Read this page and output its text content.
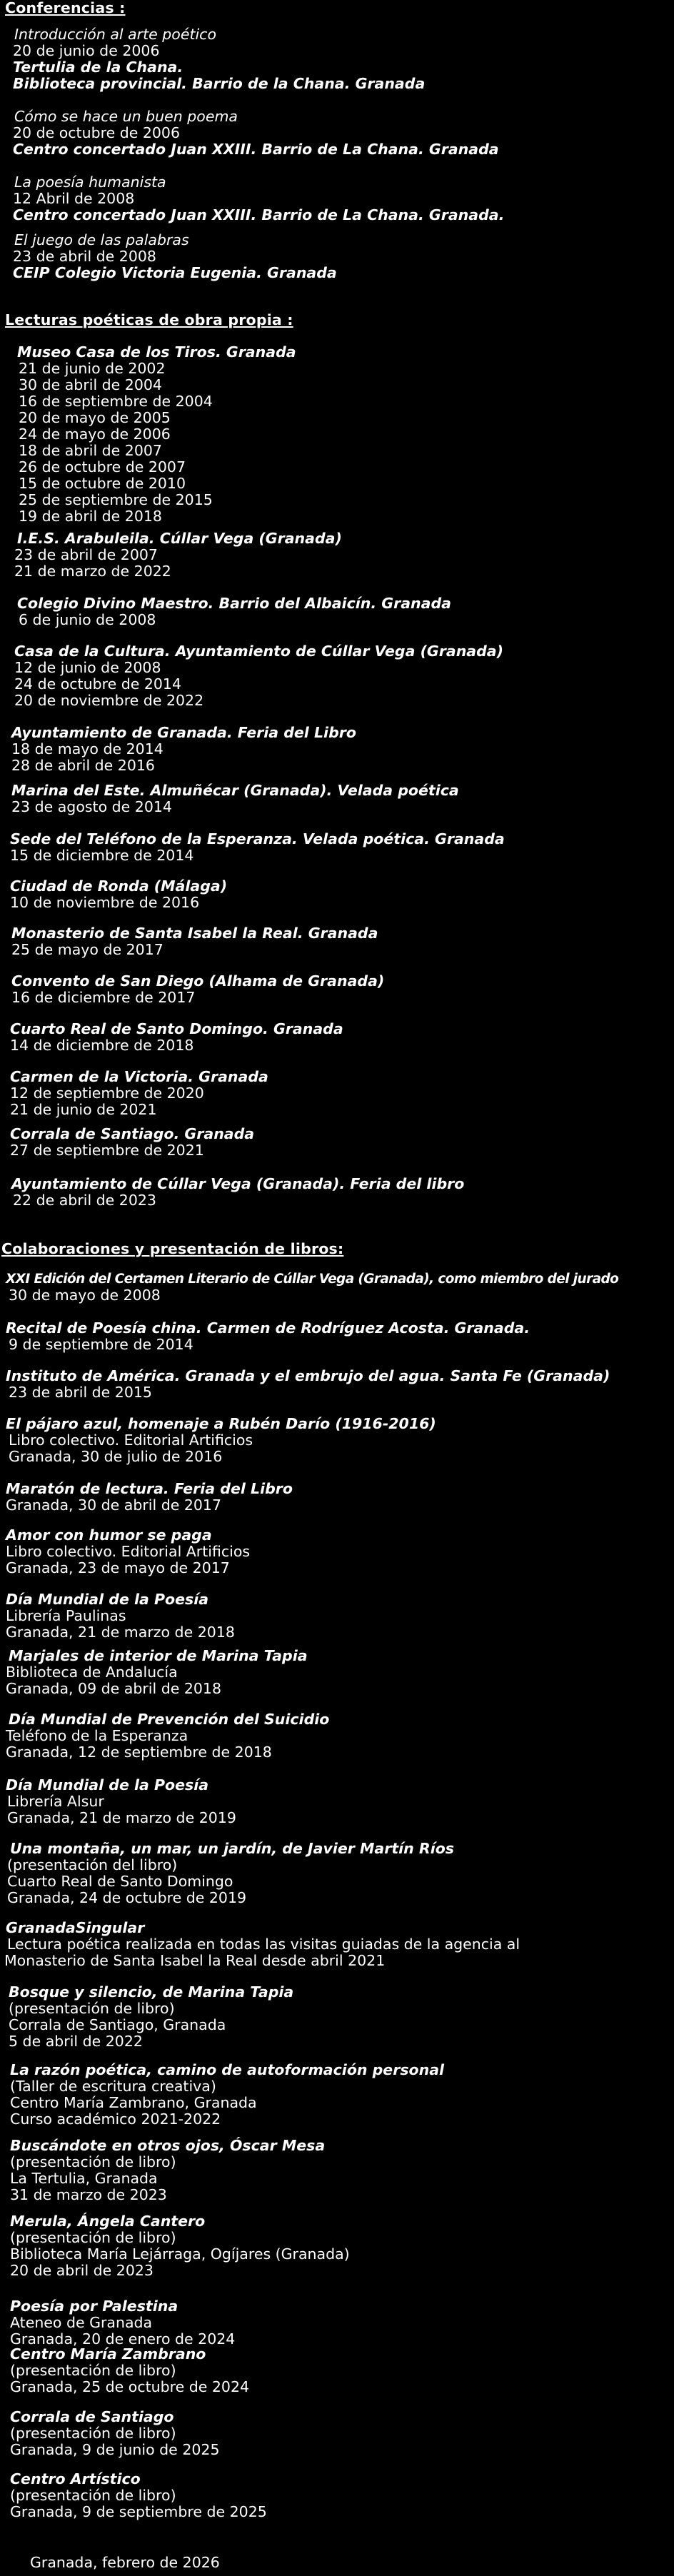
Conferencias :
Introducción al arte poético
20 de junio de 2006
Tertulia de la Chana.
Biblioteca provincial. Barrio de la Chana. Granada
Cómo se hace un buen poema
20 de octubre de 2006
Centro concertado Juan XXIII. Barrio de La Chana. Granada
La poesía humanista
12 Abril de 2008
Centro concertado Juan XXIII. Barrio de La Chana. Granada.
El juego de las palabras
23 de abril de 2008
CEIP Colegio Victoria Eugenia. Granada
Lecturas poéticas de obra propia :
Museo Casa de los Tiros. Granada
21 de junio de 2002
30 de abril de 2004
16 de septiembre de 2004
20 de mayo de 2005
24 de mayo de 2006
18 de abril de 2007
26 de octubre de 2007
15 de octubre de 2010
25 de septiembre de 2015
19 de abril de 2018
I.E.S. Arabuleila. Cúllar Vega (Granada)
23 de abril de 2007
21 de marzo de 2022
Colegio Divino Maestro. Barrio del Albaicín. Granada
6 de junio de 2008
Casa de la Cultura. Ayuntamiento de Cúllar Vega (Granada)
12 de junio de 2008
24 de octubre de 2014
20 de noviembre de 2022
Ayuntamiento de Granada. Feria del Libro
18 de mayo de 2014
28 de abril de 2016
Marina del Este. Almuñécar (Granada). Velada poética
23 de agosto de 2014
Sede del Teléfono de la Esperanza. Velada poética. Granada
15 de diciembre de 2014
Ciudad de Ronda (Málaga)
10 de noviembre de 2016
Monasterio de Santa Isabel la Real. Granada
25 de mayo de 2017
Convento de San Diego (Alhama de Granada)
16 de diciembre de 2017
Cuarto Real de Santo Domingo. Granada
14 de diciembre de 2018
Carmen de la Victoria. Granada
12 de septiembre de 2020
21 de junio de 2021
Corrala de Santiago. Granada
27 de septiembre de 2021
Ayuntamiento de Cúllar Vega (Granada). Feria del libro
22 de abril de 2023
Colaboraciones y presentación de libros:
XXI Edición del Certamen Literario de Cúllar Vega (Granada), como miembro del jurado
30 de mayo de 2008
Recital de Poesía china. Carmen de Rodríguez Acosta. Granada.
9 de septiembre de 2014
Instituto de América. Granada y el embrujo del agua. Santa Fe (Granada)
23 de abril de 2015
El pájaro azul, homenaje a Rubén Darío (1916-2016)
Libro colectivo. Editorial Artificios
Granada, 30 de julio de 2016
Maratón de lectura. Feria del Libro
Granada, 30 de abril de 2017
Amor con humor se paga
Libro colectivo. Editorial Artificios
Granada, 23 de mayo de 2017
Día Mundial de la Poesía
Librería Paulinas
Granada, 21 de marzo de 2018
Marjales de interior de Marina Tapia
Biblioteca de Andalucía
Granada, 09 de abril de 2018
Día Mundial de Prevención del Suicidio
Teléfono de la Esperanza
Granada, 12 de septiembre de 2018
Día Mundial de la Poesía
Librería Alsur
Granada, 21 de marzo de 2019
Una montaña, un mar, un jardín, de Javier Martín Ríos
(presentación del libro)
Cuarto Real de Santo Domingo
Granada, 24 de octubre de 2019
GranadaSingular
Lectura poética realizada en todas las visitas guiadas de la agencia al
Monasterio de Santa Isabel la Real desde abril 2021
Bosque y silencio, de Marina Tapia
(presentación de libro)
Corrala de Santiago, Granada
5 de abril de 2022
La razón poética, camino de autoformación personal
(Taller de escritura creativa)
Centro María Zambrano, Granada
Curso académico 2021-2022
Buscándote en otros ojos, Óscar Mesa
(presentación de libro)
La Tertulia, Granada
31 de marzo de 2023
Merula, Ángela Cantero
(presentación de libro)
Biblioteca María Lejárraga, Ogíjares (Granada)
20 de abril de 2023
Poesía por Palestina
Ateneo de Granada
Granada, 20 de enero de 2024
Centro María Zambrano
(presentación de libro)
Granada, 25 de octubre de 2024
Corrala de Santiago
(presentación de libro)
Granada, 9 de junio de 2025
Centro Artístico
(presentación de libro)
Granada, 9 de septiembre de 2025
Granada, febrero de 2026
